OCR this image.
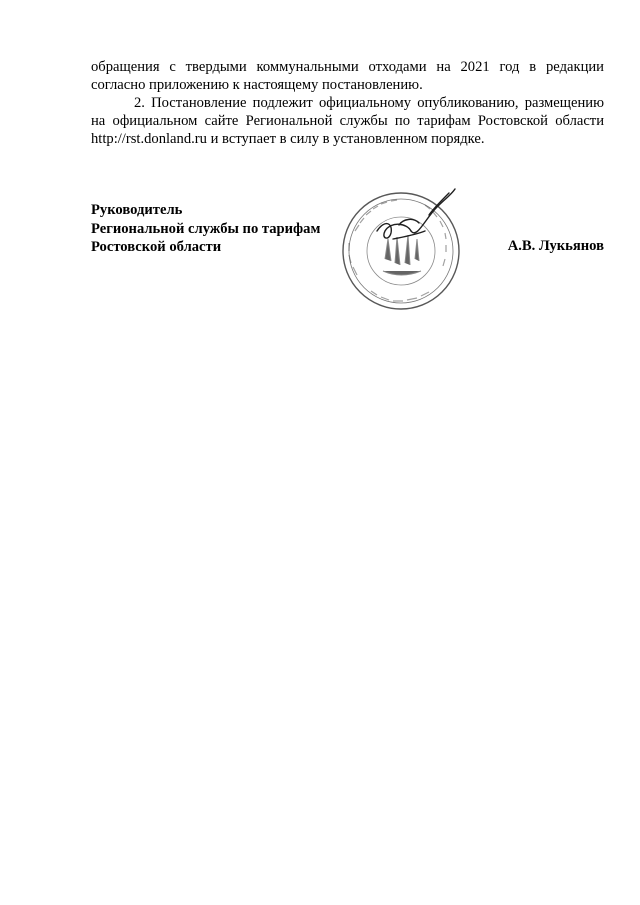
обращения с твердыми коммунальными отходами на 2021 год в редакции согласно приложению к настоящему постановлению.

2. Постановление подлежит официальному опубликованию, размещению на официальном сайте Региональной службы по тарифам Ростовской области http://rst.donland.ru и вступает в силу в установленном порядке.

Руководитель
Региональной службы по тарифам
Ростовской области	А.В. Лукьянов
